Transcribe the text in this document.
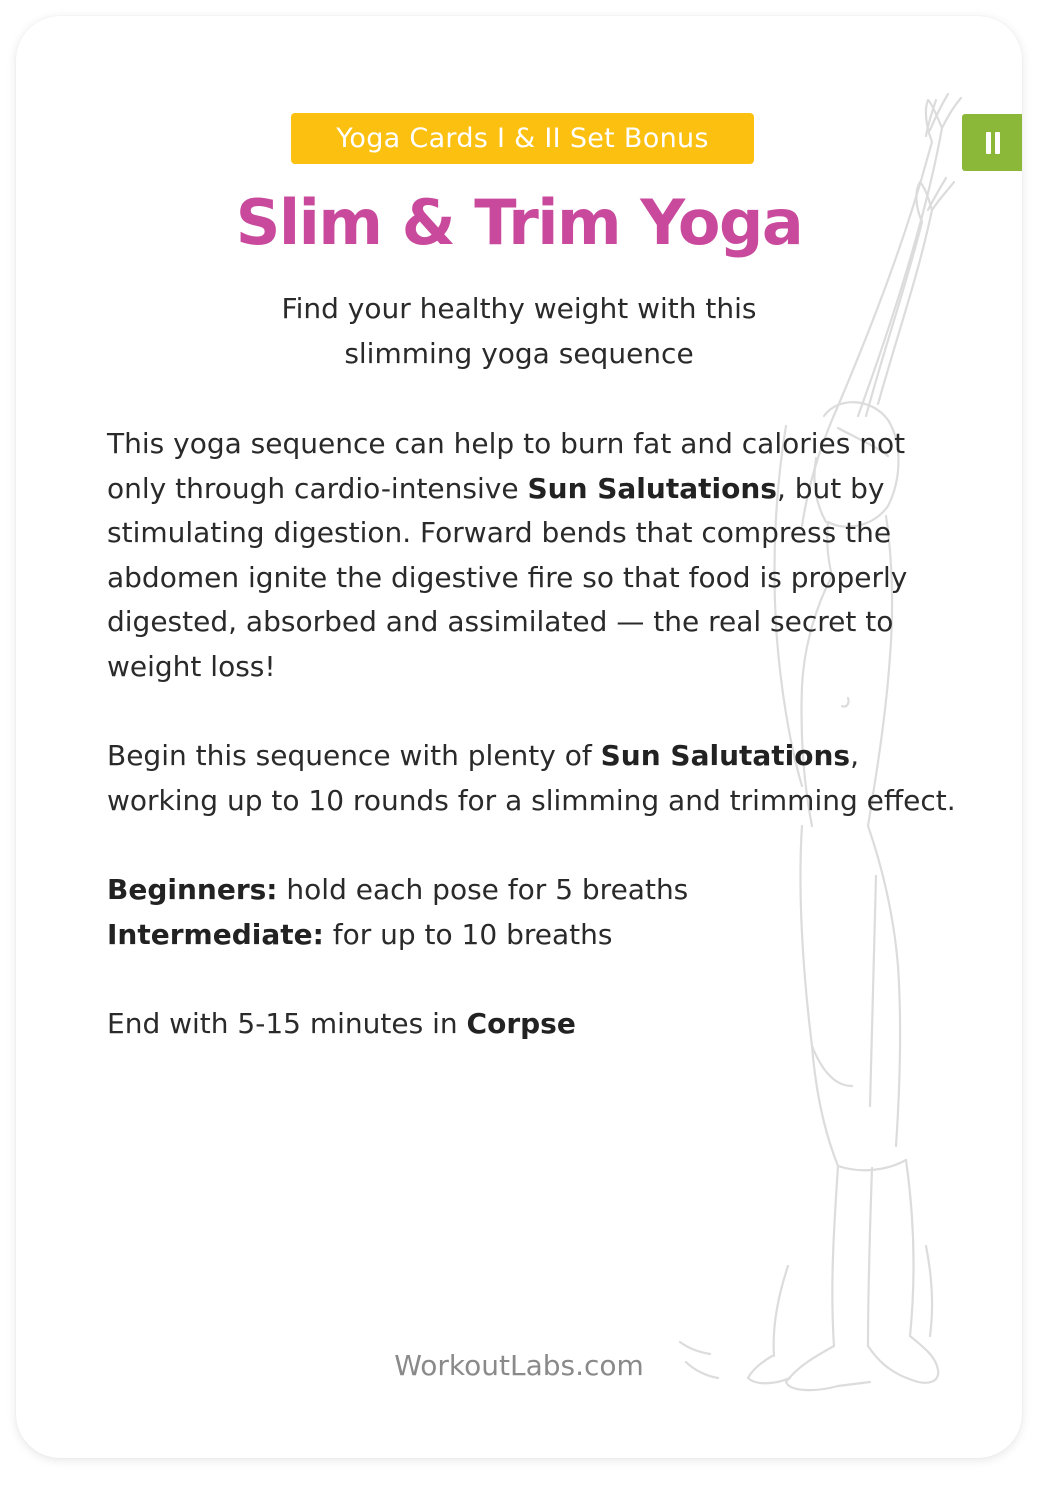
Yoga Cards I & II Set Bonus
Slim & Trim Yoga
Find your healthy weight with this
slimming yoga sequence

This yoga sequence can help to burn fat and calories not only through cardio-intensive Sun Salutations, but by stimulating digestion. Forward bends that compress the abdomen ignite the digestive fire so that food is properly digested, absorbed and assimilated — the real secret to weight loss!

Begin this sequence with plenty of Sun Salutations, working up to 10 rounds for a slimming and trimming effect.

Beginners: hold each pose for 5 breaths

Intermediate: for up to 10 breaths

End with 5-15 minutes in Corpse

WorkoutLabs.com
